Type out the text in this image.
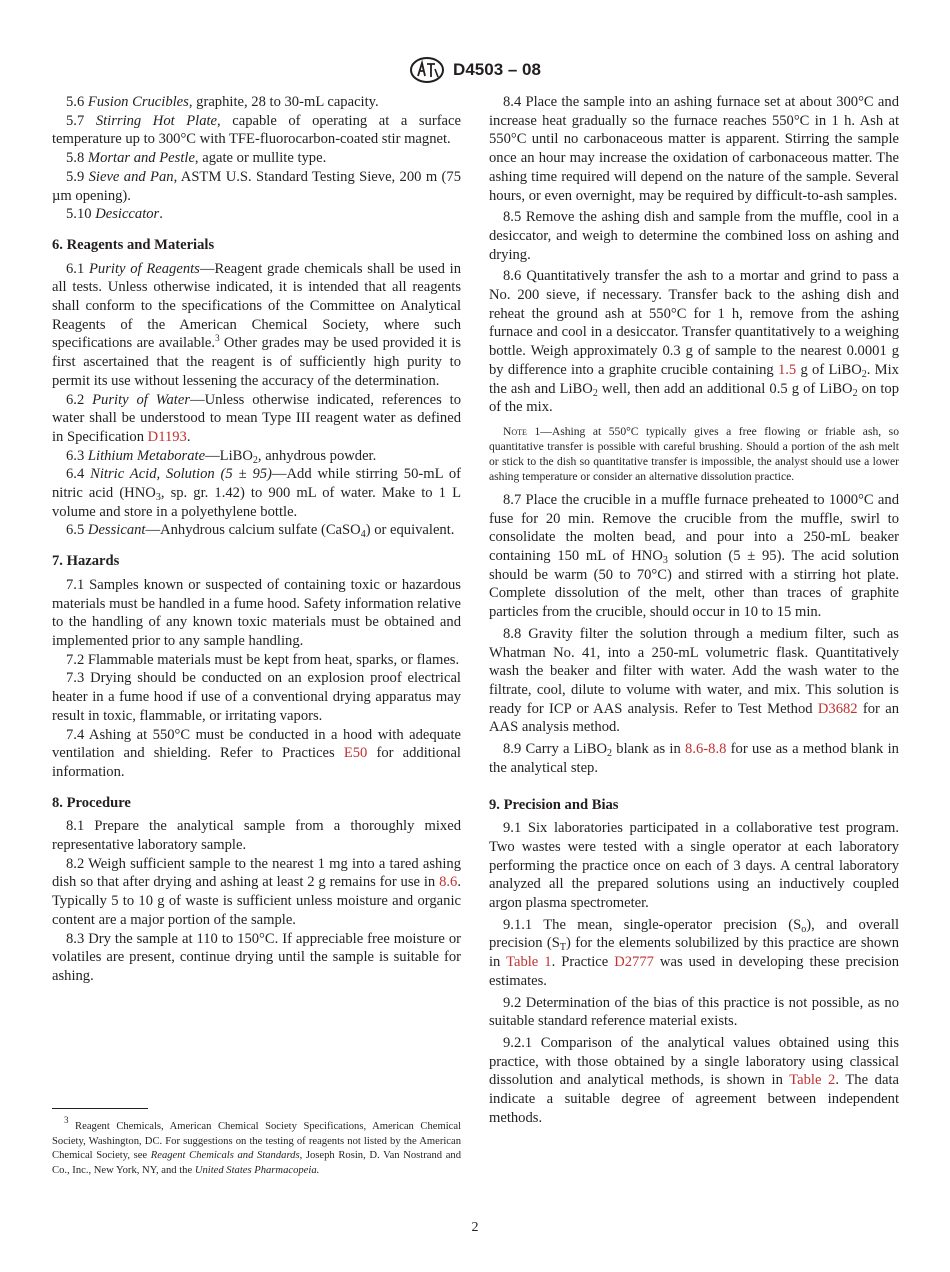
D4503 – 08

5.6 Fusion Crucibles, graphite, 28 to 30-mL capacity.

5.7 Stirring Hot Plate, capable of operating at a surface temperature up to 300°C with TFE-fluorocarbon-coated stir magnet.

5.8 Mortar and Pestle, agate or mullite type.

5.9 Sieve and Pan, ASTM U.S. Standard Testing Sieve, 200 m (75 µm opening).

5.10 Desiccator.

6. Reagents and Materials

6.1 Purity of Reagents—Reagent grade chemicals shall be used in all tests. Unless otherwise indicated, it is intended that all reagents shall conform to the specifications of the Committee on Analytical Reagents of the American Chemical Society, where such specifications are available.$^3$ Other grades may be used provided it is first ascertained that the reagent is of sufficiently high purity to permit its use without lessening the accuracy of the determination.

6.2 Purity of Water—Unless otherwise indicated, references to water shall be understood to mean Type III reagent water as defined in Specification D1193.

6.3 Lithium Metaborate—LiBO$_2$, anhydrous powder.

6.4 Nitric Acid, Solution (5 ± 95)—Add while stirring 50-mL of nitric acid ($HNO_3$, sp. gr. 1.42) to 900 mL of water. Make to 1 L volume and store in a polyethylene bottle.

6.5 Dessicant—Anhydrous calcium sulfate (CaSO$_4$) or equivalent.

7. Hazards

7.1 Samples known or suspected of containing toxic or hazardous materials must be handled in a fume hood. Safety information relative to the handling of any known toxic materials must be obtained and implemented prior to any sample handling.

7.2 Flammable materials must be kept from heat, sparks, or flames.

7.3 Drying should be conducted on an explosion proof electrical heater in a fume hood if use of a conventional drying apparatus may result in toxic, flammable, or irritating vapors.

7.4 Ashing at 550°C must be conducted in a hood with adequate ventilation and shielding. Refer to Practices E50 for additional information.

8. Procedure

8.1 Prepare the analytical sample from a thoroughly mixed representative laboratory sample.

8.2 Weigh sufficient sample to the nearest 1 mg into a tared ashing dish so that after drying and ashing at least 2 g remains for use in 8.6. Typically 5 to 10 g of waste is sufficient unless moisture and organic content are a major portion of the sample.

8.3 Dry the sample at 110 to 150°C. If appreciable free moisture or volatiles are present, continue drying until the sample is suitable for ashing.

$^3$ Reagent Chemicals, American Chemical Society Specifications, American Chemical Society, Washington, DC. For suggestions on the testing of reagents not listed by the American Chemical Society, see Reagent Chemicals and Standards, Joseph Rosin, D. Van Nostrand and Co., Inc., New York, NY, and the United States Pharmacopeia.

8.4 Place the sample into an ashing furnace set at about 300°C and increase heat gradually so the furnace reaches 550°C in 1 h. Ash at 550°C until no carbonaceous matter is apparent. Stirring the sample once an hour may increase the oxidation of carbonaceous matter. The ashing time required will depend on the nature of the sample. Several hours, or even overnight, may be required by difficult-to-ash samples.

8.5 Remove the ashing dish and sample from the muffle, cool in a desiccator, and weigh to determine the combined loss on ashing and drying.

8.6 Quantitatively transfer the ash to a mortar and grind to pass a No. 200 sieve, if necessary. Transfer back to the ashing dish and reheat the ground ash at 550°C for 1 h, remove from the ashing furnace and cool in a desiccator. Transfer quantitatively to a weighing bottle. Weigh approximately 0.3 g of sample to the nearest 0.0001 g by difference into a graphite crucible containing 1.5 g of LiBO$_2$. Mix the ash and LiBO$_2$ well, then add an additional 0.5 g of LiBO$_2$ on top of the mix.

Note 1—Ashing at 550°C typically gives a free flowing or friable ash, so quantitative transfer is possible with careful brushing. Should a portion of the ash melt or stick to the dish so quantitative transfer is impossible, the analyst should use a lower ashing temperature or consider an alternative dissolution practice.

8.7 Place the crucible in a muffle furnace preheated to 1000°C and fuse for 20 min. Remove the crucible from the muffle, swirl to consolidate the molten bead, and pour into a 250-mL beaker containing 150 mL of $HNO_3$ solution (5 ± 95). The acid solution should be warm (50 to 70°C) and stirred with a stirring hot plate. Complete dissolution of the melt, other than traces of graphite particles from the crucible, should occur in 10 to 15 min.

8.8 Gravity filter the solution through a medium filter, such as Whatman No. 41, into a 250-mL volumetric flask. Quantitatively wash the beaker and filter with water. Add the wash water to the filtrate, cool, dilute to volume with water, and mix. This solution is ready for ICP or AAS analysis. Refer to Test Method D3682 for an AAS analysis method.

8.9 Carry a LiBO$_2$ blank as in 8.6-8.8 for use as a method blank in the analytical step.

9. Precision and Bias

9.1 Six laboratories participated in a collaborative test program. Two wastes were tested with a single operator at each laboratory performing the practice once on each of 3 days. A central laboratory analyzed all the prepared solutions using an inductively coupled argon plasma spectrometer.

9.1.1 The mean, single-operator precision $(S_o)$, and overall precision $(S_T)$ for the elements solubilized by this practice are shown in Table 1. Practice D2777 was used in developing these precision estimates.

9.2 Determination of the bias of this practice is not possible, as no suitable standard reference material exists.

9.2.1 Comparison of the analytical values obtained using this practice, with those obtained by a single laboratory using classical dissolution and analytical methods, is shown in Table 2. The data indicate a suitable degree of agreement between independent methods.

2
